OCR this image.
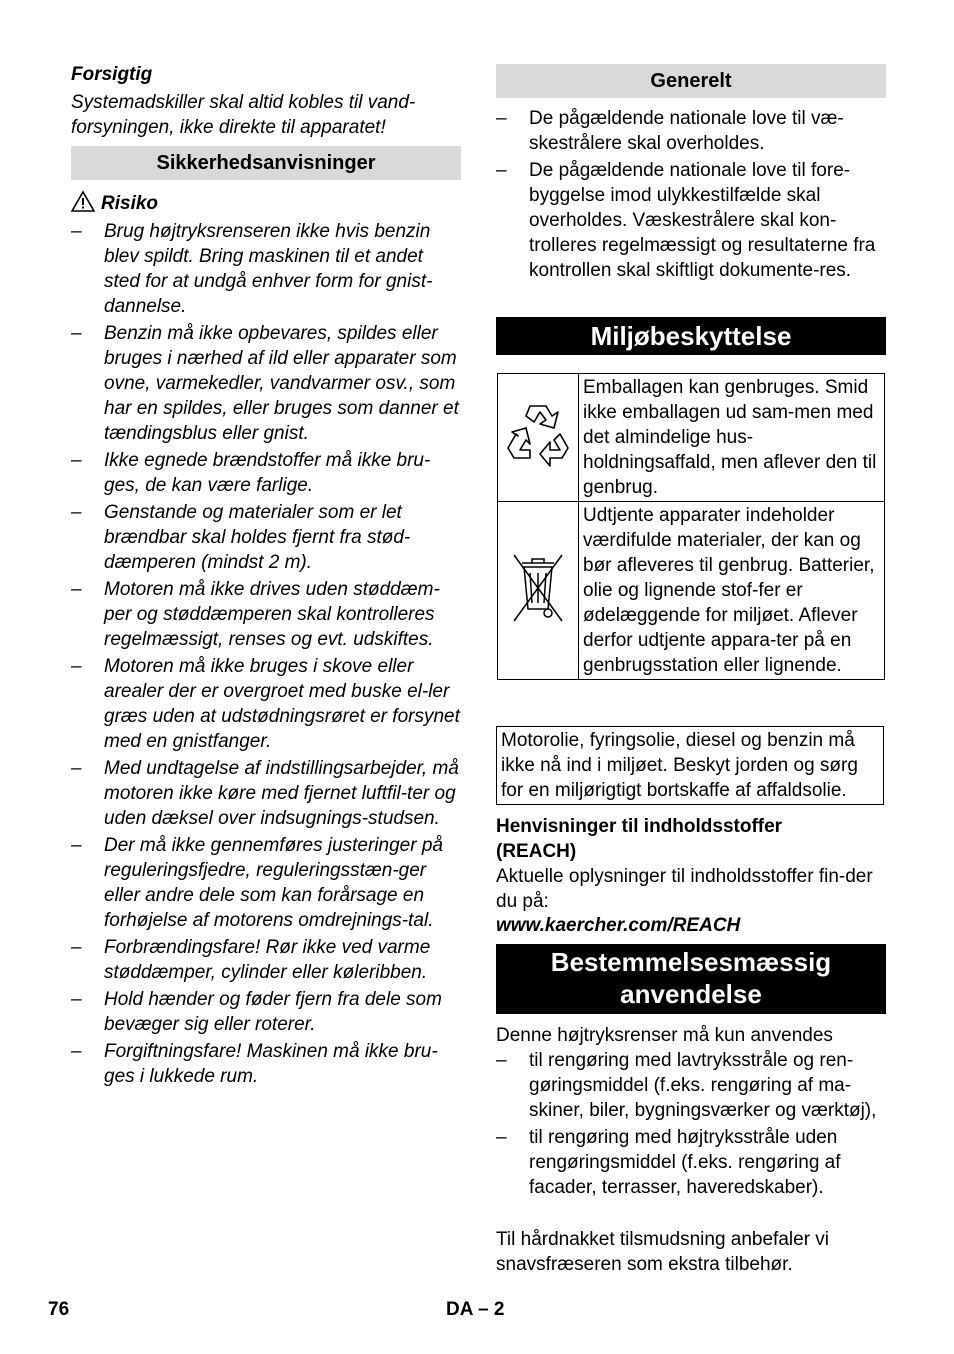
Forsigtig
Systemadskiller skal altid kobles til vand-forsyningen, ikke direkte til apparatet!
Sikkerhedsanvisninger
Risiko
– Brug højtryksrenseren ikke hvis benzin blev spildt. Bring maskinen til et andet sted for at undgå enhver form for gnist-dannelse.
– Benzin må ikke opbevares, spildes eller bruges i nærhed af ild eller apparater som ovne, varmekedler, vandvarmer osv., som har en spildes, eller bruges som danner et tændingsblus eller gnist.
– Ikke egnede brændstoffer må ikke bru-ges, de kan være farlige.
– Genstande og materialer som er let brændbar skal holdes fjernt fra stød-dæmperen (mindst 2 m).
– Motoren må ikke drives uden støddæm-per og støddæmperen skal kontrolleres regelmæssigt, renses og evt. udskiftes.
– Motoren må ikke bruges i skove eller arealer der er overgroet med buske el-ler græs uden at udstødningsrøret er forsynet med en gnistfanger.
– Med undtagelse af indstillingsarbejder, må motoren ikke køre med fjernet luftfil-ter og uden dæksel over indsugnings-studsen.
– Der må ikke gennemføres justeringer på reguleringsfjedre, reguleringsstæn-ger eller andre dele som kan forårsage en forhøjelse af motorens omdrejnings-tal.
– Forbrændingsfare! Rør ikke ved varme støddæmper, cylinder eller køleribben.
– Hold hænder og føder fjern fra dele som bevæger sig eller roterer.
– Forgiftningsfare! Maskinen må ikke bru-ges i lukkede rum.
Generelt
– De pågældende nationale love til væ-skestrålere skal overholdes.
– De pågældende nationale love til fore-byggelse imod ulykkestilfælde skal overholdes. Væskestrålere skal kon-trolleres regelmæssigt og resultaterne fra kontrollen skal skiftligt dokumente-res.
Miljøbeskyttelse
	Emballagen kan genbruges. Smid ikke emballagen ud sam-men med det almindelige hus-holdningsaffald, men aflever den til genbrug.
	Udtjente apparater indeholder værdifulde materialer, der kan og bør afleveres til genbrug. Batterier, olie og lignende stof-fer er ødelæggende for miljøet. Aflever derfor udtjente appara-ter på en genbrugsstation eller lignende.
Motorolie, fyringsolie, diesel og benzin må ikke nå ind i miljøet. Beskyt jorden og sørg for en miljørigtigt bortskaffe af affaldsolie.
Henvisninger til indholdsstoffer (REACH)
Aktuelle oplysninger til indholdsstoffer fin-der du på:
www.kaercher.com/REACH
Bestemmelsesmæssig anvendelse
Denne højtryksrenser må kun anvendes
– til rengøring med lavtryksstråle og ren-gøringsmiddel (f.eks. rengøring af ma-skiner, biler, bygningsværker og værktøj),
– til rengøring med højtryksstråle uden rengøringsmiddel (f.eks. rengøring af facader, terrasser, haveredskaber).
Til hårdnakket tilsmudsning anbefaler vi snavsfræseren som ekstra tilbehør.
76	DA – 2
